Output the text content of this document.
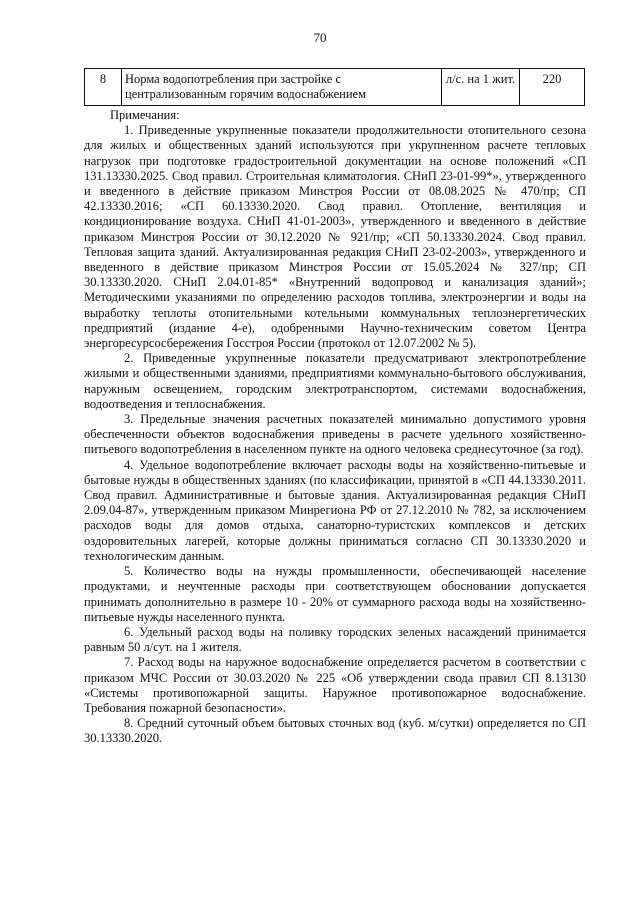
70
8	Норма водопотребления при застройке с централизованным горячим водоснабжением	л/с. на 1 жит.	220
Примечания:

1. Приведенные укрупненные показатели продолжительности отопительного сезона для жилых и общественных зданий используются при укрупненном расчете тепловых нагрузок при подготовке градостроительной документации на основе положений «СП 131.13330.2025. Свод правил. Строительная климатология. СНиП 23-01-99*», утвержденного и введенного в действие приказом Минстроя России от 08.08.2025 № 470/пр; СП 42.13330.2016; «СП 60.13330.2020. Свод правил. Отопление, вентиляция и кондиционирование воздуха. СНиП 41-01-2003», утвержденного и введенного в действие приказом Минстроя России от 30.12.2020 № 921/пр; «СП 50.13330.2024. Свод правил. Тепловая защита зданий. Актуализированная редакция СНиП 23-02-2003», утвержденного и введенного в действие приказом Минстроя России от 15.05.2024 № 327/пр; СП 30.13330.2020. СНиП 2.04.01-85* «Внутренний водопровод и канализация зданий»; Методическими указаниями по определению расходов топлива, электроэнергии и воды на выработку теплоты отопительными котельными коммунальных теплоэнергетических предприятий (издание 4-е), одобренными Научно-техническим советом Центра энергоресурсосбережения Госстроя России (протокол от 12.07.2002 № 5).

2. Приведенные укрупненные показатели предусматривают электропотребление жилыми и общественными зданиями, предприятиями коммунально-бытового обслуживания, наружным освещением, городским электротранспортом, системами водоснабжения, водоотведения и теплоснабжения.

3. Предельные значения расчетных показателей минимально допустимого уровня обеспеченности объектов водоснабжения приведены в расчете удельного хозяйственно-питьевого водопотребления в населенном пункте на одного человека среднесуточное (за год).

4. Удельное водопотребление включает расходы воды на хозяйственно-питьевые и бытовые нужды в общественных зданиях (по классификации, принятой в «СП 44.13330.2011. Свод правил. Административные и бытовые здания. Актуализированная редакция СНиП 2.09.04-87», утвержденным приказом Минрегиона РФ от 27.12.2010 № 782, за исключением расходов воды для домов отдыха, санаторно-туристских комплексов и детских оздоровительных лагерей, которые должны приниматься согласно СП 30.13330.2020 и технологическим данным.

5. Количество воды на нужды промышленности, обеспечивающей население продуктами, и неучтенные расходы при соответствующем обосновании допускается принимать дополнительно в размере 10 - 20% от суммарного расхода воды на хозяйственно-питьевые нужды населенного пункта.

6. Удельный расход воды на поливку городских зеленых насаждений принимается равным 50 л/сут. на 1 жителя.

7. Расход воды на наружное водоснабжение определяется расчетом в соответствии с приказом МЧС России от 30.03.2020 № 225 «Об утверждении свода правил СП 8.13130 «Системы противопожарной защиты. Наружное противопожарное водоснабжение. Требования пожарной безопасности».

8. Средний суточный объем бытовых сточных вод (куб. м/сутки) определяется по СП 30.13330.2020.
